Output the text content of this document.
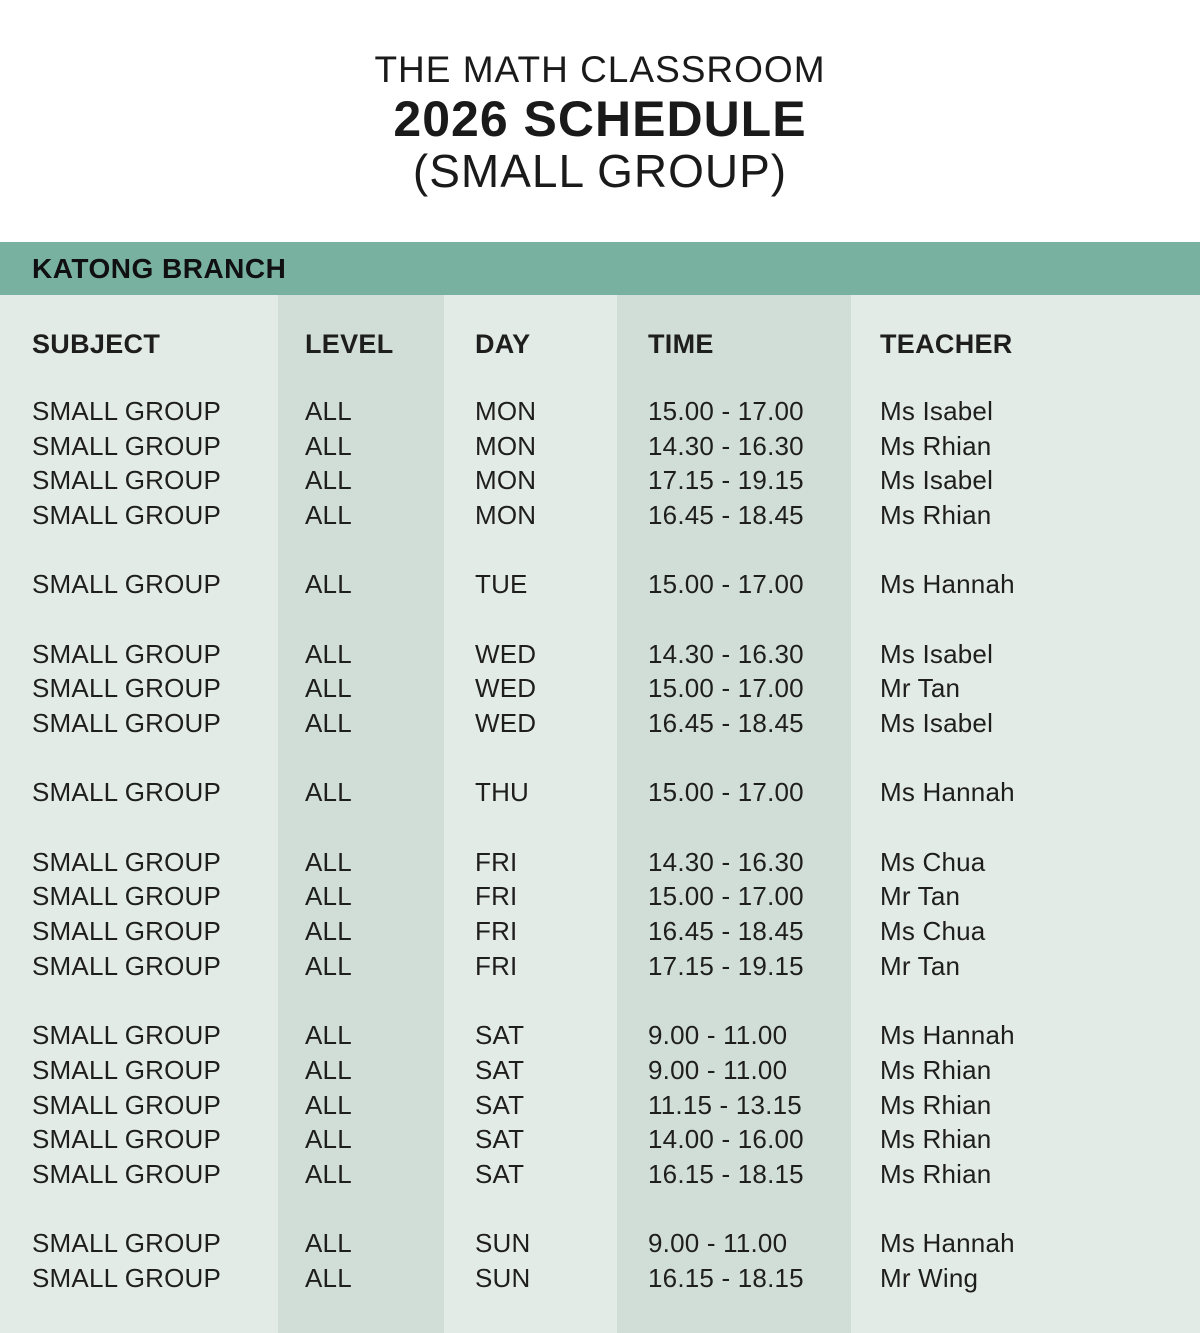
THE MATH CLASSROOM
2026 SCHEDULE
(SMALL GROUP)
KATONG BRANCH
SUBJECT	LEVEL	DAY	TIME	TEACHER
SMALL GROUP	ALL	MON	15.00 - 17.00	Ms Isabel
SMALL GROUP	ALL	MON	14.30 - 16.30	Ms Rhian
SMALL GROUP	ALL	MON	17.15 - 19.15	Ms Isabel
SMALL GROUP	ALL	MON	16.45 - 18.45	Ms Rhian
SMALL GROUP	ALL	TUE	15.00 - 17.00	Ms Hannah
SMALL GROUP	ALL	WED	14.30 - 16.30	Ms Isabel
SMALL GROUP	ALL	WED	15.00 - 17.00	Mr Tan
SMALL GROUP	ALL	WED	16.45 - 18.45	Ms Isabel
SMALL GROUP	ALL	THU	15.00 - 17.00	Ms Hannah
SMALL GROUP	ALL	FRI	14.30 - 16.30	Ms Chua
SMALL GROUP	ALL	FRI	15.00 - 17.00	Mr Tan
SMALL GROUP	ALL	FRI	16.45 - 18.45	Ms Chua
SMALL GROUP	ALL	FRI	17.15 - 19.15	Mr Tan
SMALL GROUP	ALL	SAT	9.00 - 11.00	Ms Hannah
SMALL GROUP	ALL	SAT	9.00 - 11.00	Ms Rhian
SMALL GROUP	ALL	SAT	11.15 - 13.15	Ms Rhian
SMALL GROUP	ALL	SAT	14.00 - 16.00	Ms Rhian
SMALL GROUP	ALL	SAT	16.15 - 18.15	Ms Rhian
SMALL GROUP	ALL	SUN	9.00 - 11.00	Ms Hannah
SMALL GROUP	ALL	SUN	16.15 - 18.15	Mr Wing
